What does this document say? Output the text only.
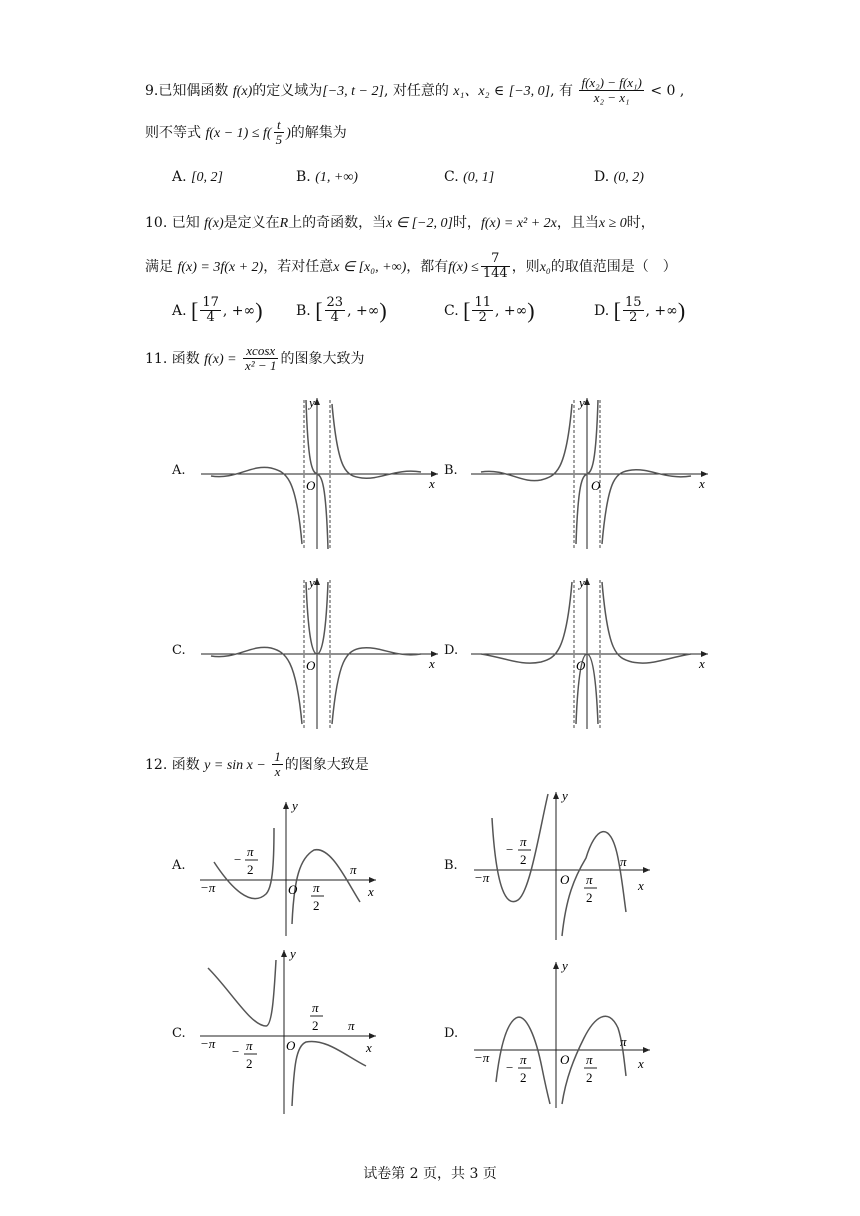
9.已知偶函数 f(x)的定义域为[−3, t − 2], 对任意的 x₁、x₂ ∈ [−3, 0], 有 $\frac{\text{f(x₂) − f(x₁)}}{\text{x₂ − x₁}} < 0$ ,
则不等式 $f(x - 1) \le f( \frac{t}{5}$ )的解集为
A. [0, 2]	B. (1, +∞)	C. (0, 1]	D. (0, 2)
10. 已知 f(x)是定义在R上的奇函数，当x ∈ [−2, 0]时，f(x) = x² + 2x，且当x ≥ 0时，
满足 f(x) = 3f(x + 2)，若对任意x ∈ [x₀, +∞)，都有$f(x) \le \frac{7}{144}$ ，则x₀的取值范围是（　）
A. [ $\frac{17}{4}$ , +∞) B. [ $\frac{23}{4}$ , +∞)	C. [ $\frac{11}{2}$ , +∞)	D. [ $\frac{15}{2}$ , +∞)
11. 函数 $f(x) = \frac{xcosx}{\text{x² − 1}}$ 的图象大致为
A.	B.
C.	D.
y
O	x
y
O	x
y
O	x
y
O	x
12. 函数 $y = \sin x - \frac{1}{x}$ 的图象大致是
A.	B.
C.	D.
y
O	x
−π
π
−
π
2
π
2
y
O	x
−π
π
−
π
2
π
2
y
O	x
−π
π
− π
2
π
2
y
O	x
−π
π
−
π
2
π
2
试卷第 2 页，共 3 页
